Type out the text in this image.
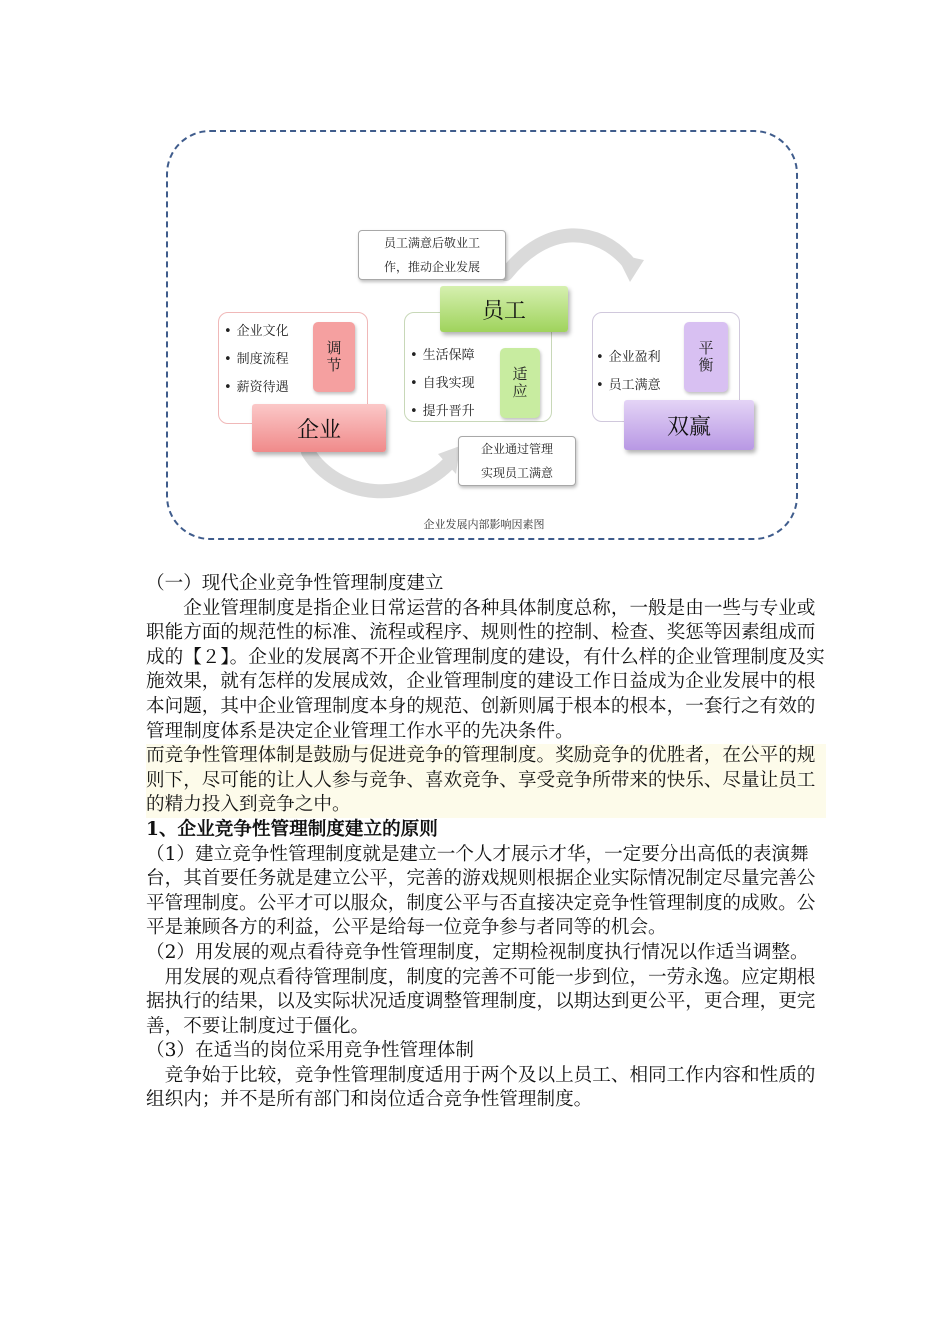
员工满意后敬业工
作，推动企业发展
• 企业文化
• 制度流程
• 薪资待遇
调节
企业
员工
• 生活保障
• 自我实现
• 提升晋升
适应
企业通过管理
实现员工满意
• 企业盈利
• 员工满意
平衡
双赢
企业发展内部影响因素图

（一）现代企业竞争性管理制度建立

企业管理制度是指企业日常运营的各种具体制度总称，一般是由一些与专业或职能方面的规范性的标准、流程或程序、规则性的控制、检查、奖惩等因素组成而成的【２】。企业的发展离不开企业管理制度的建设，有什么样的企业管理制度及实施效果，就有怎样的发展成效，企业管理制度的建设工作日益成为企业发展中的根本问题，其中企业管理制度本身的规范、创新则属于根本的根本，一套行之有效的管理制度体系是决定企业管理工作水平的先决条件。

而竞争性管理体制是鼓励与促进竞争的管理制度。奖励竞争的优胜者，在公平的规则下，尽可能的让人人参与竞争、喜欢竞争、享受竞争所带来的快乐、尽量让员工的精力投入到竞争之中。

1、企业竞争性管理制度建立的原则

（1）建立竞争性管理制度就是建立一个人才展示才华，一定要分出高低的表演舞台，其首要任务就是建立公平，完善的游戏规则根据企业实际情况制定尽量完善公平管理制度。公平才可以服众，制度公平与否直接决定竞争性管理制度的成败。公平是兼顾各方的利益，公平是给每一位竞争参与者同等的机会。

（2）用发展的观点看待竞争性管理制度，定期检视制度执行情况以作适当调整。

用发展的观点看待管理制度，制度的完善不可能一步到位，一劳永逸。应定期根据执行的结果，以及实际状况适度调整管理制度，以期达到更公平，更合理，更完善，不要让制度过于僵化。

（3）在适当的岗位采用竞争性管理体制

竞争始于比较，竞争性管理制度适用于两个及以上员工、相同工作内容和性质的组织内；并不是所有部门和岗位适合竞争性管理制度。
